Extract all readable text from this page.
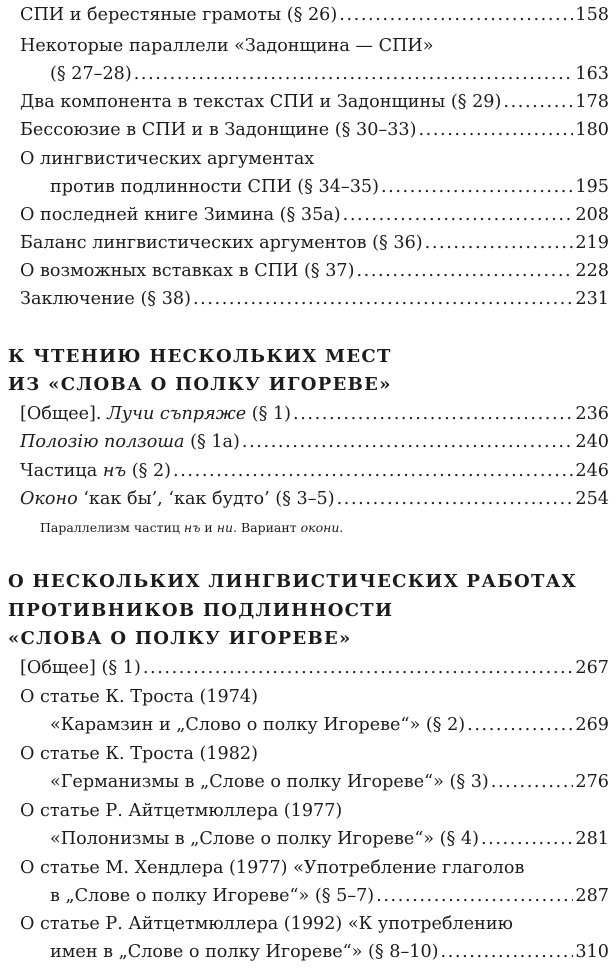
СПИ и берестяные грамоты (§ 26) .....	158
Некоторые параллели «Задонщина — СПИ»
(§ 27–28) .....	163
Два компонента в текстах СПИ и Задонщины (§ 29) .....	178
Бессоюзие в СПИ и в Задонщине (§ 30–33) .....	180
О лингвистических аргументах
против подлинности СПИ (§ 34–35) .....	195
О последней книге Зимина (§ 35а) .....	208
Баланс лингвистических аргументов (§ 36) .....	219
О возможных вставках в СПИ (§ 37) .....	228
Заключение (§ 38) .....	231
К ЧТЕНИЮ НЕСКОЛЬКИХ МЕСТ
ИЗ «СЛОВА О ПОЛКУ ИГОРЕВЕ»
[Общее]. Лучи съпряже (§ 1) .....	236
Полозію ползоша (§ 1а) .....	240
Частица нъ (§ 2) .....	246
Оконо ‘как бы’, ‘как будто’ (§ 3–5) .....	254
Параллелизм частиц нъ и ни. Вариант окони.
О НЕСКОЛЬКИХ ЛИНГВИСТИЧЕСКИХ РАБОТАХ
ПРОТИВНИКОВ ПОДЛИННОСТИ
«СЛОВА О ПОЛКУ ИГОРЕВЕ»
[Общее] (§ 1) .....	267
О статье К. Троста (1974)
«Карамзин и „Слово о полку Игореве“» (§ 2) .....	269
О статье К. Троста (1982)
«Германизмы в „Слове о полку Игореве“» (§ 3) .....	276
О статье Р. Айтцетмюллера (1977)
«Полонизмы в „Слове о полку Игореве“» (§ 4) .....	281
О статье М. Хендлера (1977) «Употребление глаголов
в „Слове о полку Игореве“» (§ 5–7) .....	287
О статье Р. Айтцетмюллера (1992) «К употреблению
имен в „Слове о полку Игореве“» (§ 8–10) .....	310
